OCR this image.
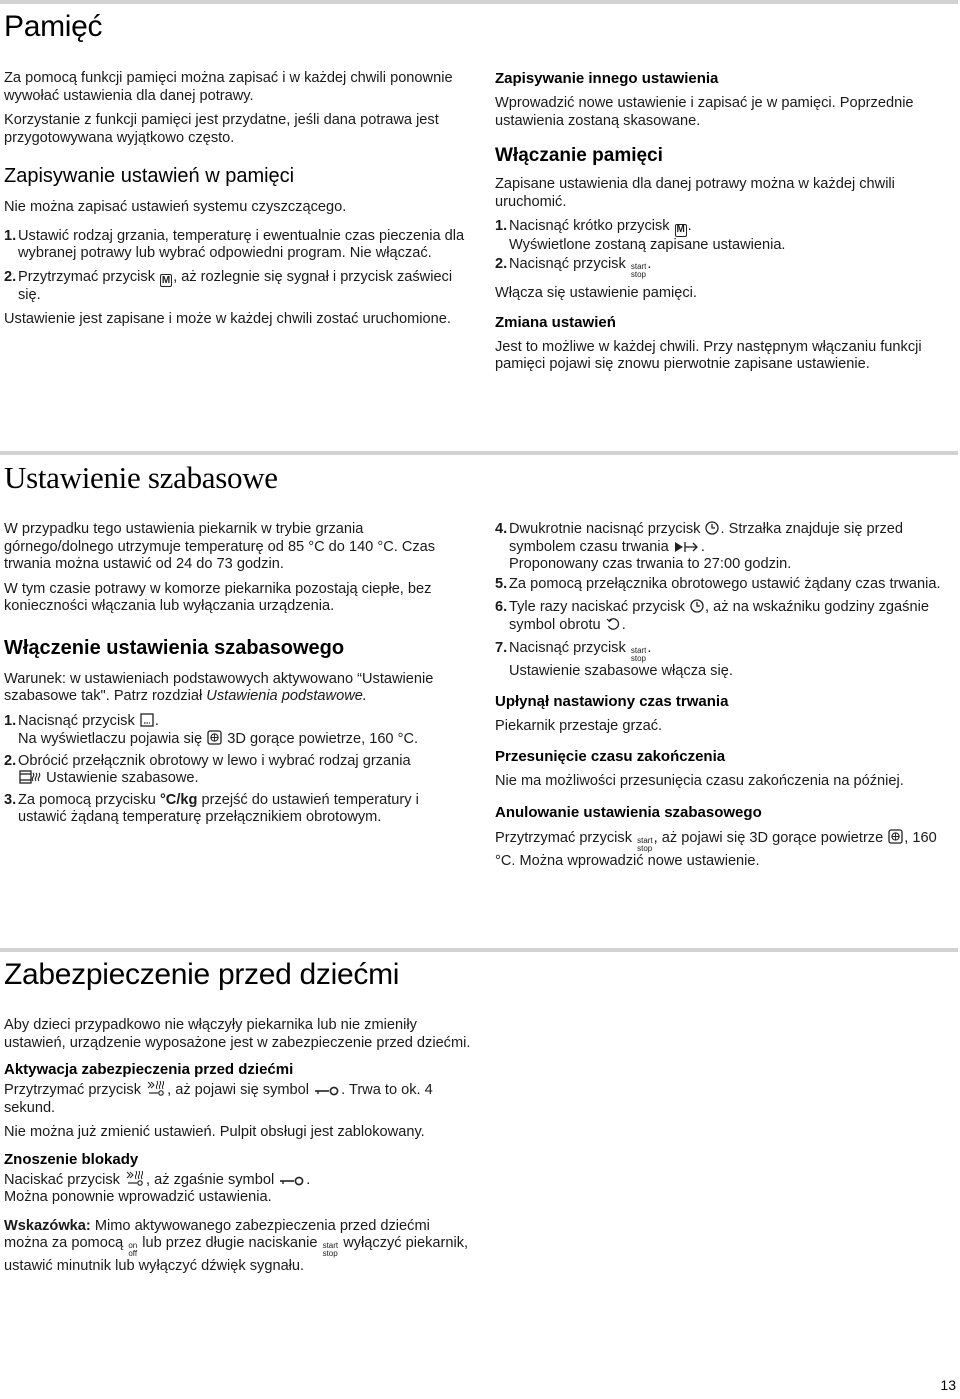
Pamięć

Za pomocą funkcji pamięci można zapisać i w każdej chwili ponownie wywołać ustawienia dla danej potrawy.

Korzystanie z funkcji pamięci jest przydatne, jeśli dana potrawa jest przygotowywana wyjątkowo często.

Zapisywanie ustawień w pamięci

Nie można zapisać ustawień systemu czyszczącego.

1. Ustawić rodzaj grzania, temperaturę i ewentualnie czas pieczenia dla wybranej potrawy lub wybrać odpowiedni program. Nie włączać.
2. Przytrzymać przycisk M , aż rozlegnie się sygnał i przycisk zaświeci się.

Ustawienie jest zapisane i może w każdej chwili zostać uruchomione.

Zapisywanie innego ustawienia

Wprowadzić nowe ustawienie i zapisać je w pamięci. Poprzednie ustawienia zostaną skasowane.

Włączanie pamięci

Zapisane ustawienia dla danej potrawy można w każdej chwili uruchomić.

1. Nacisnąć krótko przycisk M .
Wyświetlone zostaną zapisane ustawienia.
2. Nacisnąć przycisk start
stop
.

Włącza się ustawienie pamięci.

Zmiana ustawień

Jest to możliwe w każdej chwili. Przy następnym włączaniu funkcji pamięci pojawi się znowu pierwotnie zapisane ustawienie.

Ustawienie szabasowe

W przypadku tego ustawienia piekarnik w trybie grzania górnego/dolnego utrzymuje temperaturę od 85 °C do 140 °C. Czas trwania można ustawić od 24 do 73 godzin.

W tym czasie potrawy w komorze piekarnika pozostają ciepłe, bez konieczności włączania lub wyłączania urządzenia.

Włączenie ustawienia szabasowego

Warunek: w ustawieniach podstawowych aktywowano “Ustawienie szabasowe tak". Patrz rozdział Ustawienia podstawowe.

1. Nacisnąć przycisk .
Na wyświetlaczu pojawia się 3D gorące powietrze, 160 °C.
2. Obrócić przełącznik obrotowy w lewo i wybrać rodzaj grzania
Ustawienie szabasowe.
3. Za pomocą przycisku °C/kg przejść do ustawień temperatury i ustawić żądaną temperaturę przełącznikiem obrotowym.
4. Dwukrotnie nacisnąć przycisk . Strzałka znajduje się przed symbolem czasu trwania .
Proponowany czas trwania to 27:00 godzin.
5. Za pomocą przełącznika obrotowego ustawić żądany czas trwania.
6. Tyle razy naciskać przycisk , aż na wskaźniku godziny zgaśnie symbol obrotu .
7. Nacisnąć przycisk start
stop
.
Ustawienie szabasowe włącza się.
Upłynął nastawiony czas trwania

Piekarnik przestaje grzać.

Przesunięcie czasu zakończenia

Nie ma możliwości przesunięcia czasu zakończenia na później.

Anulowanie ustawienia szabasowego

Przytrzymać przycisk start
stop
, aż pojawi się 3D gorące powietrze , 160 °C. Można wprowadzić nowe ustawienie.

Zabezpieczenie przed dziećmi

Aby dzieci przypadkowo nie włączyły piekarnika lub nie zmieniły ustawień, urządzenie wyposażone jest w zabezpieczenie przed dziećmi.

Aktywacja zabezpieczenia przed dziećmi

Przytrzymać przycisk , aż pojawi się symbol . Trwa to ok. 4 sekund.

Nie można już zmienić ustawień. Pulpit obsługi jest zablokowany.

Znoszenie blokady

Naciskać przycisk , aż zgaśnie symbol .
Można ponownie wprowadzić ustawienia.

Wskazówka: Mimo aktywowanego zabezpieczenia przed dziećmi można za pomocą on
off
lub przez długie naciskanie start
stop
wyłączyć piekarnik, ustawić minutnik lub wyłączyć dźwięk sygnału.

13
